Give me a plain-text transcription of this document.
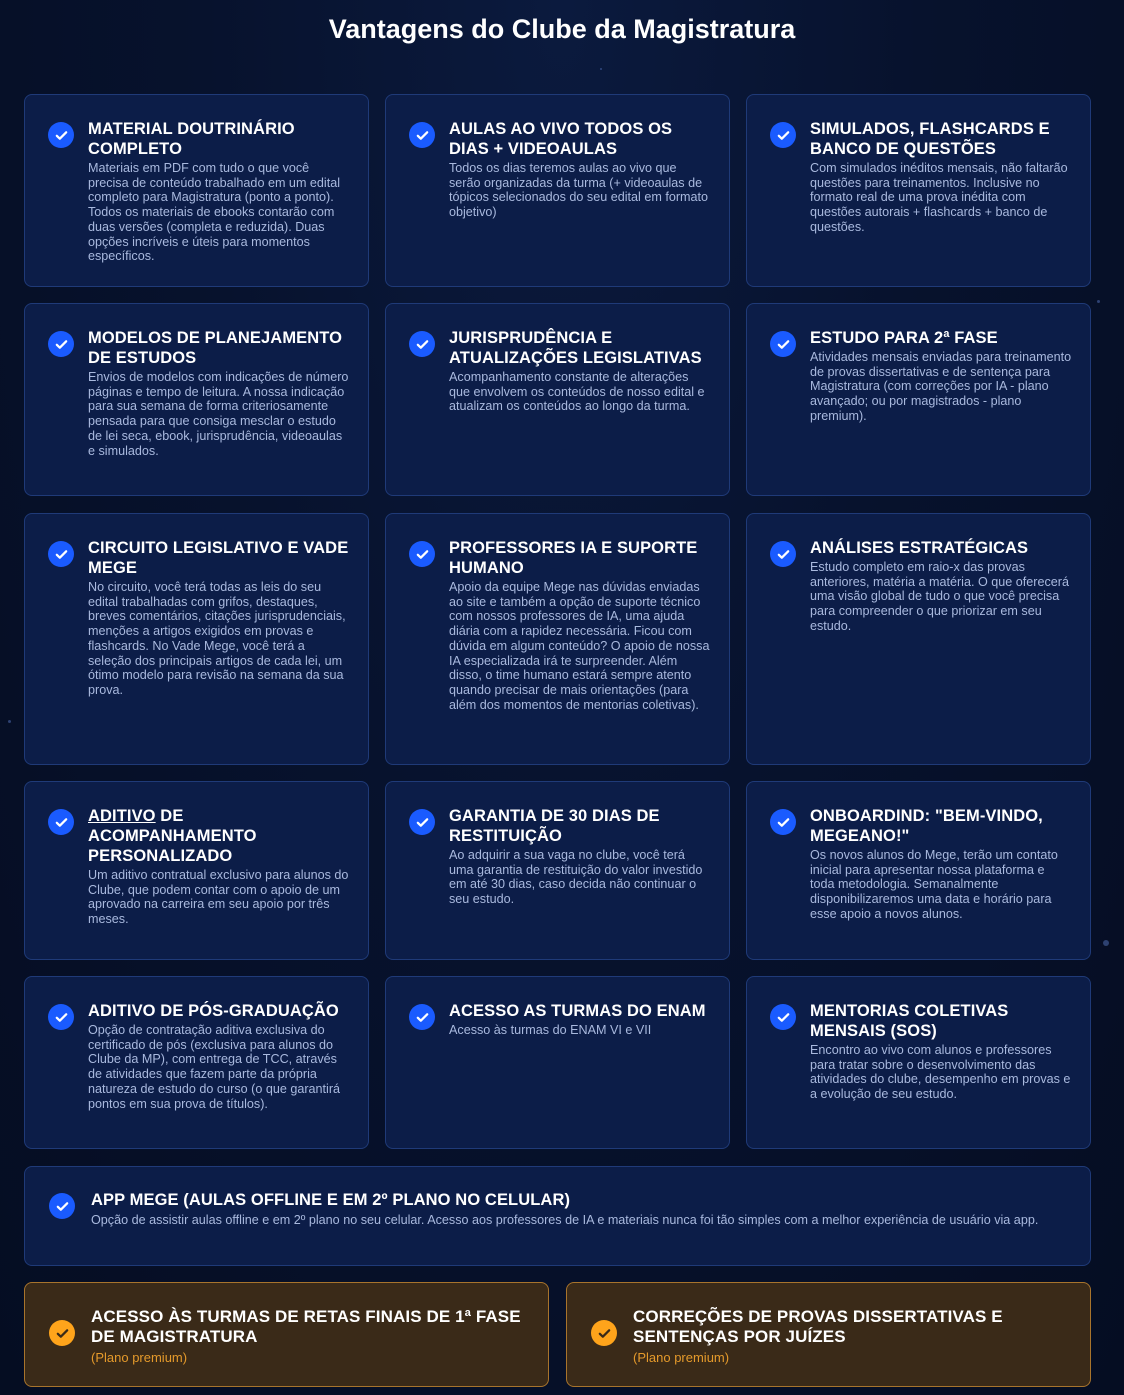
Vantagens do Clube da Magistratura
MATERIAL DOUTRINÁRIO COMPLETO

Materiais em PDF com tudo o que você precisa de conteúdo trabalhado em um edital completo para Magistratura (ponto a ponto). Todos os materiais de ebooks contarão com duas versões (completa e reduzida). Duas opções incríveis e úteis para momentos específicos.

AULAS AO VIVO TODOS OS DIAS + VIDEOAULAS

Todos os dias teremos aulas ao vivo que serão organizadas da turma (+ videoaulas de tópicos selecionados do seu edital em formato objetivo)

SIMULADOS, FLASHCARDS E BANCO DE QUESTÕES

Com simulados inéditos mensais, não faltarão questões para treinamentos. Inclusive no formato real de uma prova inédita com questões autorais + flashcards + banco de questões.

MODELOS DE PLANEJAMENTO DE ESTUDOS

Envios de modelos com indicações de número páginas e tempo de leitura. A nossa indicação para sua semana de forma criteriosamente pensada para que consiga mesclar o estudo de lei seca, ebook, jurisprudência, videoaulas e simulados.

JURISPRUDÊNCIA E ATUALIZAÇÕES LEGISLATIVAS

Acompanhamento constante de alterações que envolvem os conteúdos de nosso edital e atualizam os conteúdos ao longo da turma.

ESTUDO PARA 2ª FASE

Atividades mensais enviadas para treinamento de provas dissertativas e de sentença para Magistratura (com correções por IA - plano avançado; ou por magistrados - plano premium).

CIRCUITO LEGISLATIVO E VADE MEGE

No circuito, você terá todas as leis do seu edital trabalhadas com grifos, destaques, breves comentários, citações jurisprudenciais, menções a artigos exigidos em provas e flashcards. No Vade Mege, você terá a seleção dos principais artigos de cada lei, um ótimo modelo para revisão na semana da sua prova.

PROFESSORES IA E SUPORTE HUMANO

Apoio da equipe Mege nas dúvidas enviadas ao site e também a opção de suporte técnico com nossos professores de IA, uma ajuda diária com a rapidez necessária. Ficou com dúvida em algum conteúdo? O apoio de nossa IA especializada irá te surpreender. Além disso, o time humano estará sempre atento quando precisar de mais orientações (para além dos momentos de mentorias coletivas).

ANÁLISES ESTRATÉGICAS

Estudo completo em raio-x das provas anteriores, matéria a matéria. O que oferecerá uma visão global de tudo o que você precisa para compreender o que priorizar em seu estudo.

ADITIVO DE ACOMPANHAMENTO PERSONALIZADO

Um aditivo contratual exclusivo para alunos do Clube, que podem contar com o apoio de um aprovado na carreira em seu apoio por três meses.

GARANTIA DE 30 DIAS DE RESTITUIÇÃO

Ao adquirir a sua vaga no clube, você terá uma garantia de restituição do valor investido em até 30 dias, caso decida não continuar o seu estudo.

ONBOARDIND: "BEM-VINDO, MEGEANO!"

Os novos alunos do Mege, terão um contato inicial para apresentar nossa plataforma e toda metodologia. Semanalmente disponibilizaremos uma data e horário para esse apoio a novos alunos.

ADITIVO DE PÓS-GRADUAÇÃO

Opção de contratação aditiva exclusiva do certificado de pós (exclusiva para alunos do Clube da MP), com entrega de TCC, através de atividades que fazem parte da própria natureza de estudo do curso (o que garantirá pontos em sua prova de títulos).

ACESSO AS TURMAS DO ENAM

Acesso às turmas do ENAM VI e VII

MENTORIAS COLETIVAS MENSAIS (SOS)

Encontro ao vivo com alunos e professores para tratar sobre o desenvolvimento das atividades do clube, desempenho em provas e a evolução de seu estudo.

APP MEGE (AULAS OFFLINE E EM 2º PLANO NO CELULAR)

Opção de assistir aulas offline e em 2º plano no seu celular. Acesso aos professores de IA e materiais nunca foi tão simples com a melhor experiência de usuário via app.

ACESSO ÀS TURMAS DE RETAS FINAIS DE 1ª FASE DE MAGISTRATURA

(Plano premium)

CORREÇÕES DE PROVAS DISSERTATIVAS E SENTENÇAS POR JUÍZES

(Plano premium)
